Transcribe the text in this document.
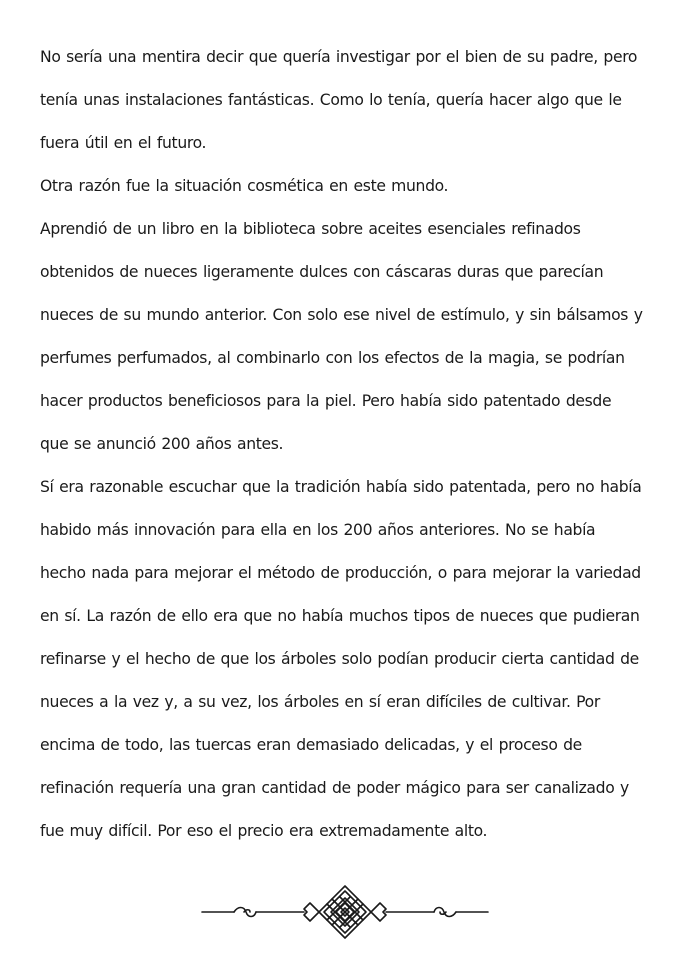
No sería una mentira decir que quería investigar por el bien de su padre, pero tenía unas instalaciones fantásticas. Como lo tenía, quería hacer algo que le fuera útil en el futuro.

Otra razón fue la situación cosmética en este mundo.

Aprendió de un libro en la biblioteca sobre aceites esenciales refinados obtenidos de nueces ligeramente dulces con cáscaras duras que parecían nueces de su mundo anterior. Con solo ese nivel de estímulo, y sin bálsamos y perfumes perfumados, al combinarlo con los efectos de la magia, se podrían hacer productos beneficiosos para la piel. Pero había sido patentado desde que se anunció 200 años antes.

Sí era razonable escuchar que la tradición había sido patentada, pero no había habido más innovación para ella en los 200 años anteriores. No se había hecho nada para mejorar el método de producción, o para mejorar la variedad en sí. La razón de ello era que no había muchos tipos de nueces que pudieran refinarse y el hecho de que los árboles solo podían producir cierta cantidad de nueces a la vez y, a su vez, los árboles en sí eran difíciles de cultivar. Por encima de todo, las tuercas eran demasiado delicadas, y el proceso de refinación requería una gran cantidad de poder mágico para ser canalizado y fue muy difícil. Por eso el precio era extremadamente alto.
